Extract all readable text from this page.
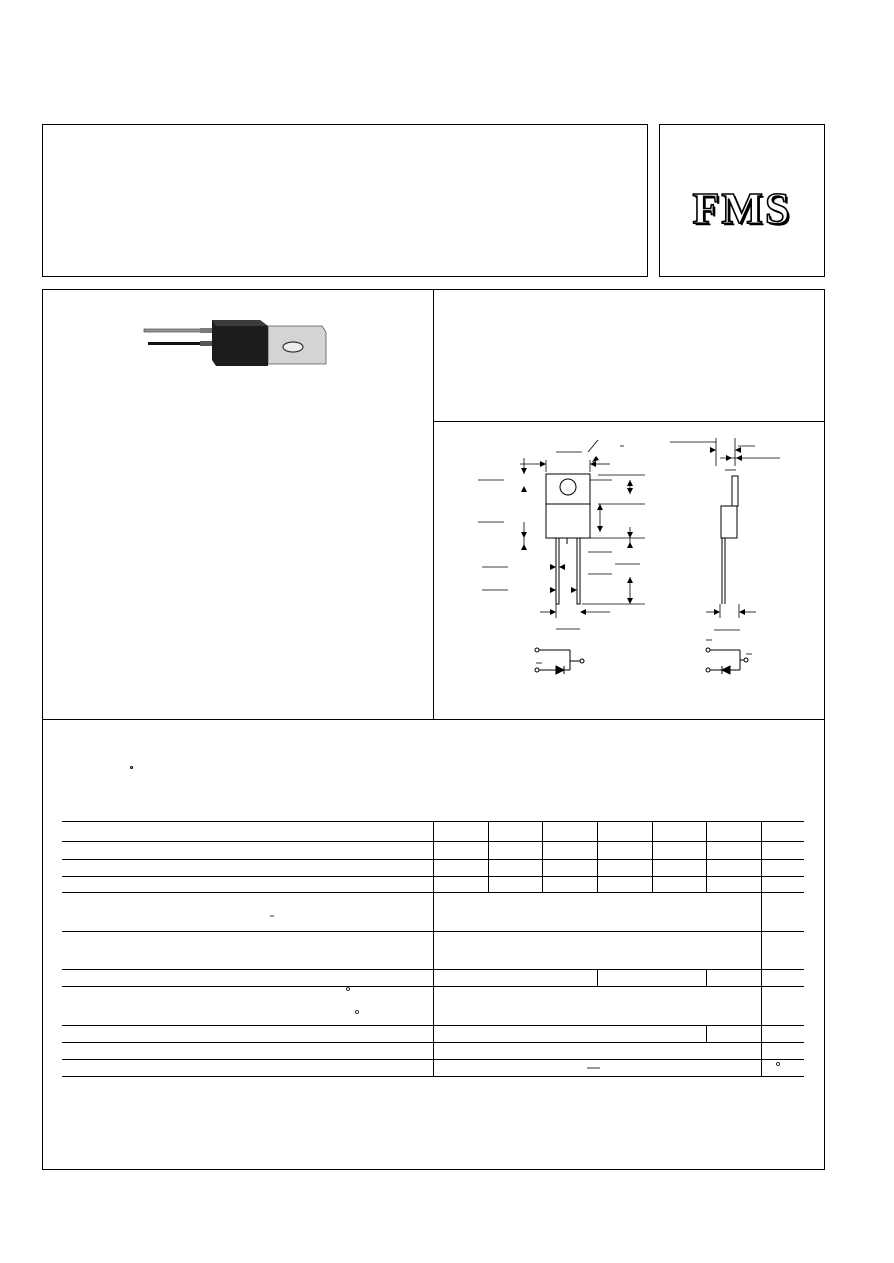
FMS
